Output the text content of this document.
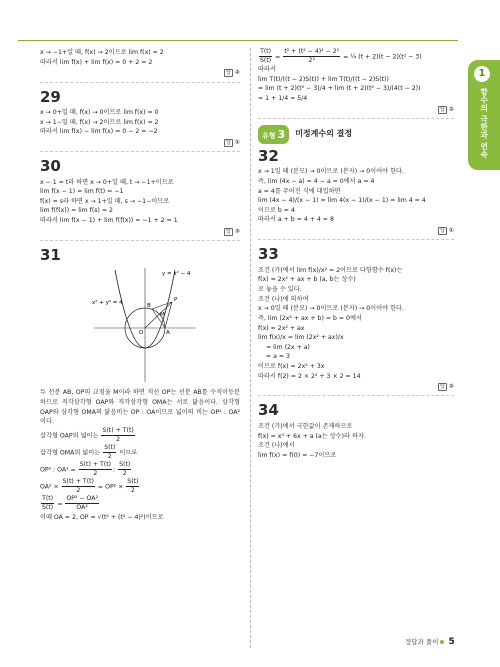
1
함수의 극한과 연속
x → −1+일 때, f(x) → 2이므로 lim f(x) = 2
따라서 lim f(x) + lim f(x) = 0 + 2 = 2
답 ②
29
x → 0+일 때, f(x) → 0이므로 lim f(x) = 0
x → 1−일 때, f(x) → 2이므로 lim f(x) = 2
따라서 lim f(x) − lim f(x) = 0 − 2 = −2
답 ①
30
x − 1 = t라 하면 x → 0+일 때, t → −1+이므로
lim f(x − 1) = lim f(t) = −1
f(x) = s라 하면 x → 1+일 때, s → −1−이므로
lim f(f(x)) = lim f(s) = 2
따라서 lim f(x − 1) + lim f(f(x)) = −1 + 2 = 1
답 ③
31
y = x² − 4
x² + y² = 4	B
P
M
O	A
두 선분 AB, OP의 교점을 M이라 하면 직선 OP는 선분 AB를 수직이등분하므로 직각삼각형 OAP와 직각삼각형 OMA는 서로 닮음이다. 삼각형 OAP와 삼각형 OMA의 닮음비는 OP : OA이므로 넓이의 비는 OP² : OA²이다.
삼각형 OAP의 넓이는 $\frac{S(t) + T(t)}{2}$
삼각형 OMA의 넓이는 $\frac{S(t)}{2}$ 이므로
OP² : $OA^2 = \frac{S(t) + T(t)}{2}$ : $\frac{S(t)}{2}$
$OA^2 \times \frac{S(t) + T(t)}{2} = OP^2 \times \frac{S(t)}{2}$
$\frac{T(t)}{S(t)} = \frac{\text{OP² − OA²}}{\text{OA²}}$
이때 OA = 2, OP = √(t² + (t² − 4)²)이므로
$\frac{T(t)}{S(t)} = \frac{\text{t² + (t² − 4)² − 2²}}{\text{2²}}$ = ¼ (t + 2)(t − 2)(t² − 3)
따라서
lim T(t)/((t − 2)S(t)) + lim T(t)/((t − 2)S(t))
= lim (t + 2)(t² − 3)/4 + lim (t + 2)(t² − 3)/(4(t − 2))
= 1 + 1/4 = 5/4
답 ②
유형 3	미정계수의 결정
32
x → 1일 때 (분모) → 0이므로 (분자) → 0이어야 한다.
즉, lim (4x − a) = 4 − a = 0에서 a = 4
a = 4를 주어진 식에 대입하면
lim (4x − 4)/(x − 1) = lim 4(x − 1)/(x − 1) = lim 4 = 4
이므로 b = 4
따라서 a + b = 4 + 4 = 8
답 ①
33
조건 (가)에서 lim f(x)/x² = 2이므로 다항함수 f(x)는
f(x) = 2x² + ax + b (a, b는 상수)
로 놓을 수 있다.
조건 (나)에 의하여
x → 0일 때 (분모) → 0이므로 (분자) → 0이어야 한다.
즉, lim (2x² + ax + b) = b = 0에서
f(x) = 2x² + ax
lim f(x)/x = lim (2x² + ax)/x
= lim (2x + a)
= a = 3
이므로 f(x) = 2x² + 3x
따라서 f(2) = 2 × 2² + 3 × 2 = 14
답 ②
34
조건 (가)에서 극한값이 존재하므로
f(x) = x³ + 6x + a (a는 상수)라 하자.
조건 (나)에서
lim f(x) = f(0) = −7이므로
정답과 풀이 5
